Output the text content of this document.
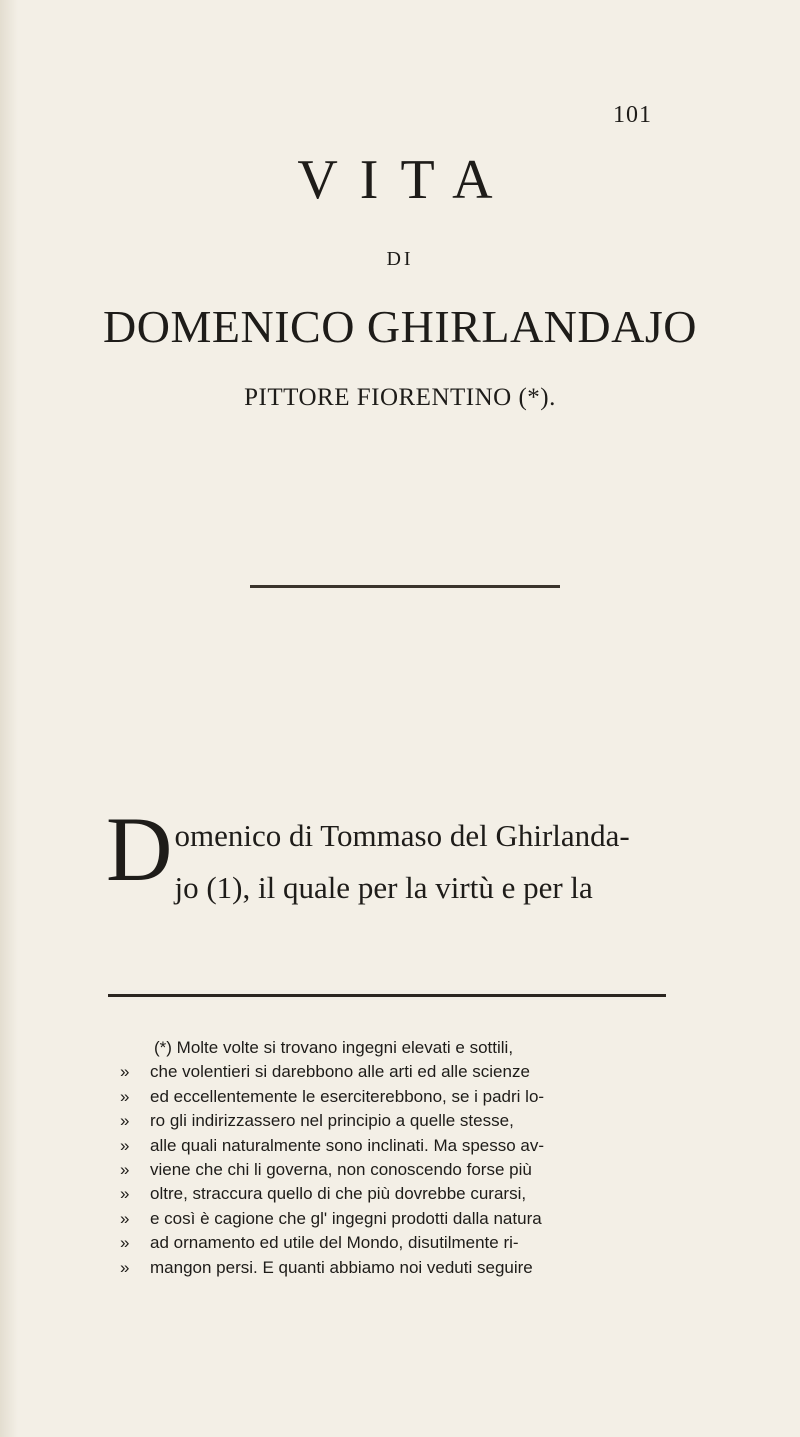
101
VITA
DI
DOMENICO GHIRLANDAJO
PITTORE FIORENTINO (*).
D omenico di Tommaso del Ghirlanda-
jo (1), il quale per la virtù e per la
(*) Molte volte si trovano ingegni elevati e sottili,
» che volentieri si darebbono alle arti ed alle scienze
» ed eccellentemente le eserciterebbono, se i padri lo-
» ro gli indirizzassero nel principio a quelle stesse,
» alle quali naturalmente sono inclinati. Ma spesso av-
» viene che chi li governa, non conoscendo forse più
» oltre, straccura quello di che più dovrebbe curarsi,
» e così è cagione che gl' ingegni prodotti dalla natura
» ad ornamento ed utile del Mondo, disutilmente ri-
» mangon persi. E quanti abbiamo noi veduti seguire
